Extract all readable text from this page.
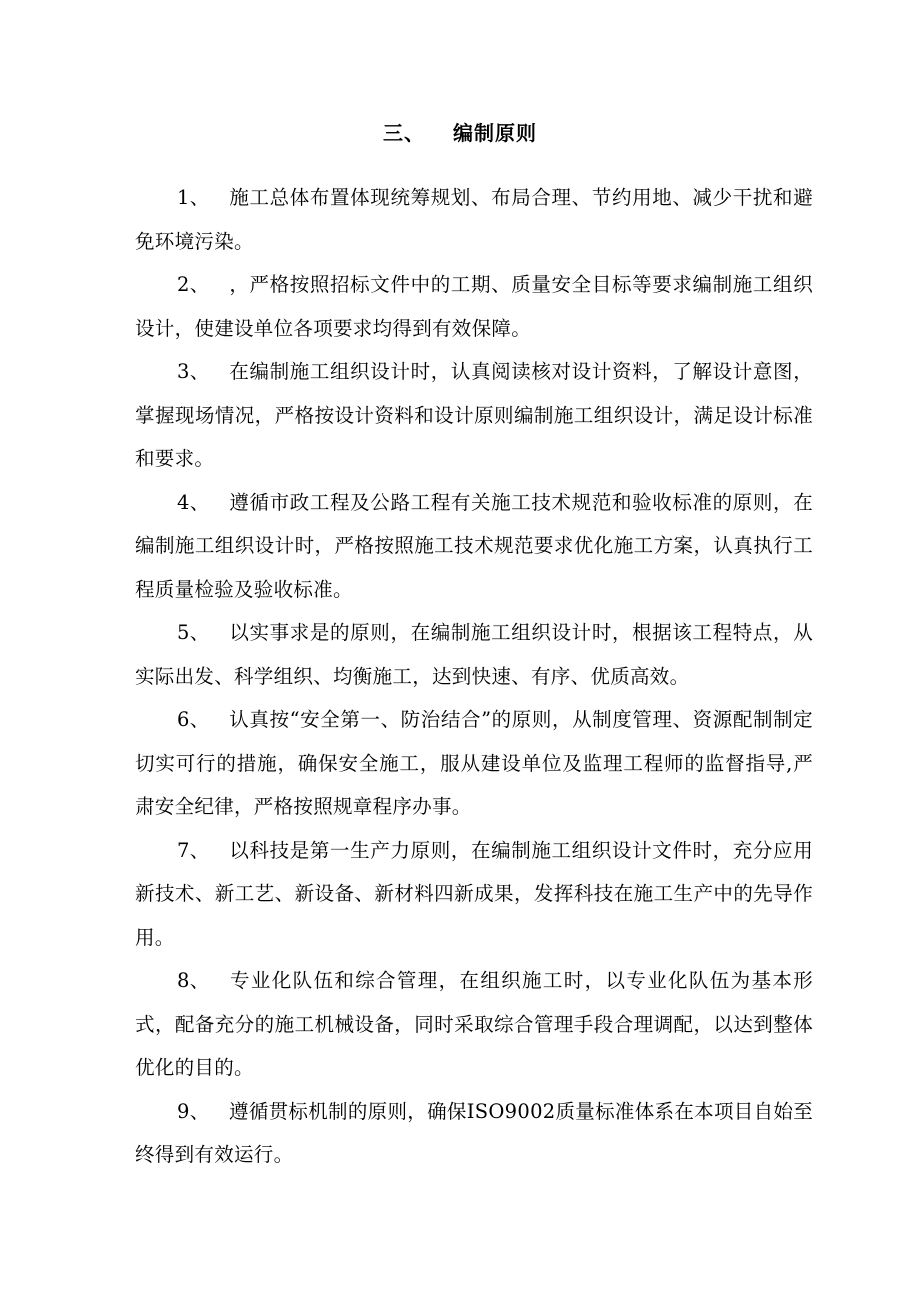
三、 编制原则

1、 施工总体布置体现统筹规划、布局合理、节约用地、减少干扰和避免环境污染。

2、 ，严格按照招标文件中的工期、质量安全目标等要求编制施工组织设计，使建设单位各项要求均得到有效保障。

3、 在编制施工组织设计时，认真阅读核对设计资料，了解设计意图，掌握现场情况，严格按设计资料和设计原则编制施工组织设计，满足设计标准和要求。

4、 遵循市政工程及公路工程有关施工技术规范和验收标准的原则，在编制施工组织设计时，严格按照施工技术规范要求优化施工方案，认真执行工程质量检验及验收标准。

5、 以实事求是的原则，在编制施工组织设计时，根据该工程特点，从实际出发、科学组织、均衡施工，达到快速、有序、优质高效。

6、 认真按“安全第一、防治结合”的原则，从制度管理、资源配制制定切实可行的措施，确保安全施工，服从建设单位及监理工程师的监督指导,严肃安全纪律，严格按照规章程序办事。

7、 以科技是第一生产力原则，在编制施工组织设计文件时，充分应用新技术、新工艺、新设备、新材料四新成果，发挥科技在施工生产中的先导作用。

8、 专业化队伍和综合管理，在组织施工时，以专业化队伍为基本形式，配备充分的施工机械设备，同时采取综合管理手段合理调配，以达到整体优化的目的。

9、 遵循贯标机制的原则，确保ISO9002质量标准体系在本项目自始至终得到有效运行。
